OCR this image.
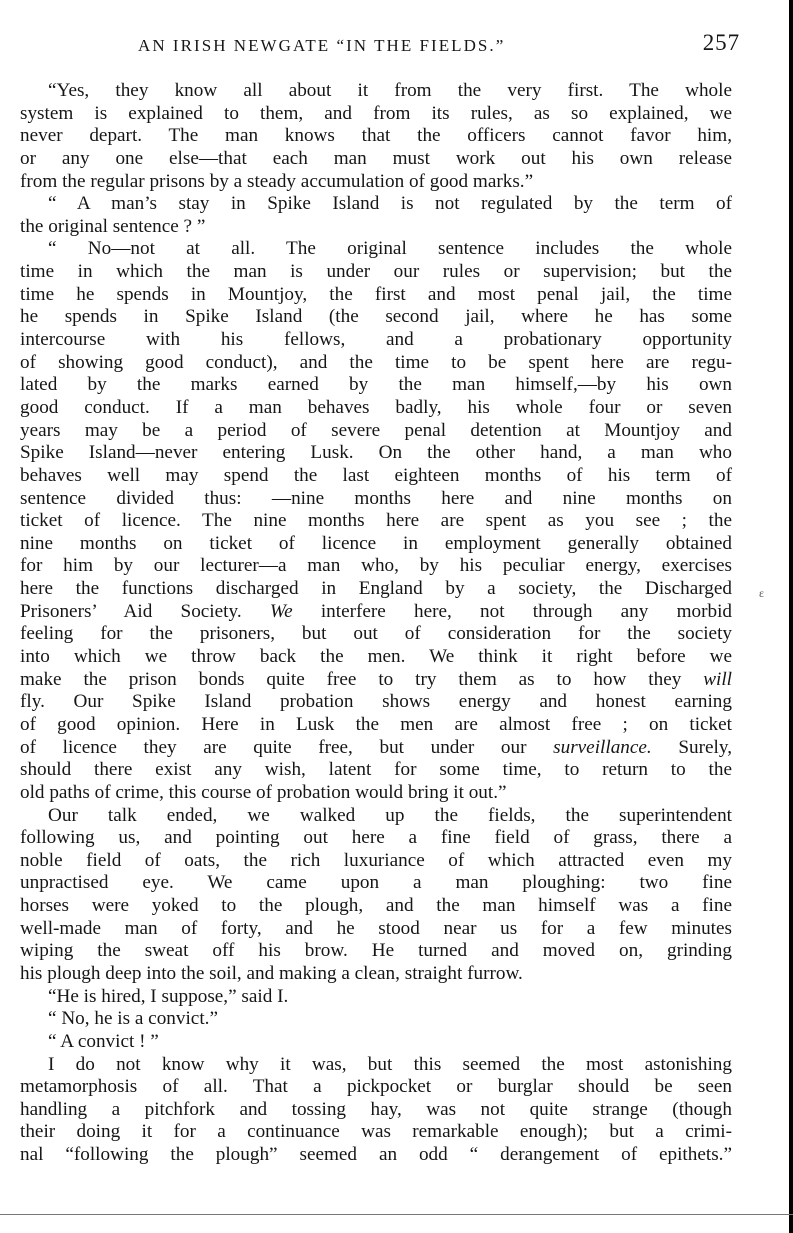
AN IRISH NEWGATE “IN THE FIELDS.”	257
“Yes, they know all about it from the very first. The whole
system is explained to them, and from its rules, as so explained, we
never depart. The man knows that the officers cannot favor him,
or any one else—that each man must work out his own release
from the regular prisons by a steady accumulation of good marks.”
“ A man’s stay in Spike Island is not regulated by the term of
the original sentence ? ”
“ No—not at all. The original sentence includes the whole
time in which the man is under our rules or supervision; but the
time he spends in Mountjoy, the first and most penal jail, the time
he spends in Spike Island (the second jail, where he has some
intercourse with his fellows, and a probationary opportunity
of showing good conduct), and the time to be spent here are regu-
lated by the marks earned by the man himself,—by his own
good conduct. If a man behaves badly, his whole four or seven
years may be a period of severe penal detention at Mountjoy and
Spike Island—never entering Lusk. On the other hand, a man who
behaves well may spend the last eighteen months of his term of
sentence divided thus: —nine months here and nine months on
ticket of licence. The nine months here are spent as you see ; the
nine months on ticket of licence in employment generally obtained
for him by our lecturer—a man who, by his peculiar energy, exercises
here the functions discharged in England by a society, the Discharged
Prisoners’ Aid Society. We interfere here, not through any morbid
feeling for the prisoners, but out of consideration for the society
into which we throw back the men. We think it right before we
make the prison bonds quite free to try them as to how they will
fly. Our Spike Island probation shows energy and honest earning
of good opinion. Here in Lusk the men are almost free ; on ticket
of licence they are quite free, but under our surveillance. Surely,
should there exist any wish, latent for some time, to return to the
old paths of crime, this course of probation would bring it out.”
Our talk ended, we walked up the fields, the superintendent
following us, and pointing out here a fine field of grass, there a
noble field of oats, the rich luxuriance of which attracted even my
unpractised eye. We came upon a man ploughing: two fine
horses were yoked to the plough, and the man himself was a fine
well-made man of forty, and he stood near us for a few minutes
wiping the sweat off his brow. He turned and moved on, grinding
his plough deep into the soil, and making a clean, straight furrow.
“He is hired, I suppose,” said I.
“ No, he is a convict.”
“ A convict ! ”
I do not know why it was, but this seemed the most astonishing
metamorphosis of all. That a pickpocket or burglar should be seen
handling a pitchfork and tossing hay, was not quite strange (though
their doing it for a continuance was remarkable enough); but a crimi-
nal “following the plough” seemed an odd “ derangement of epithets.”
ε
